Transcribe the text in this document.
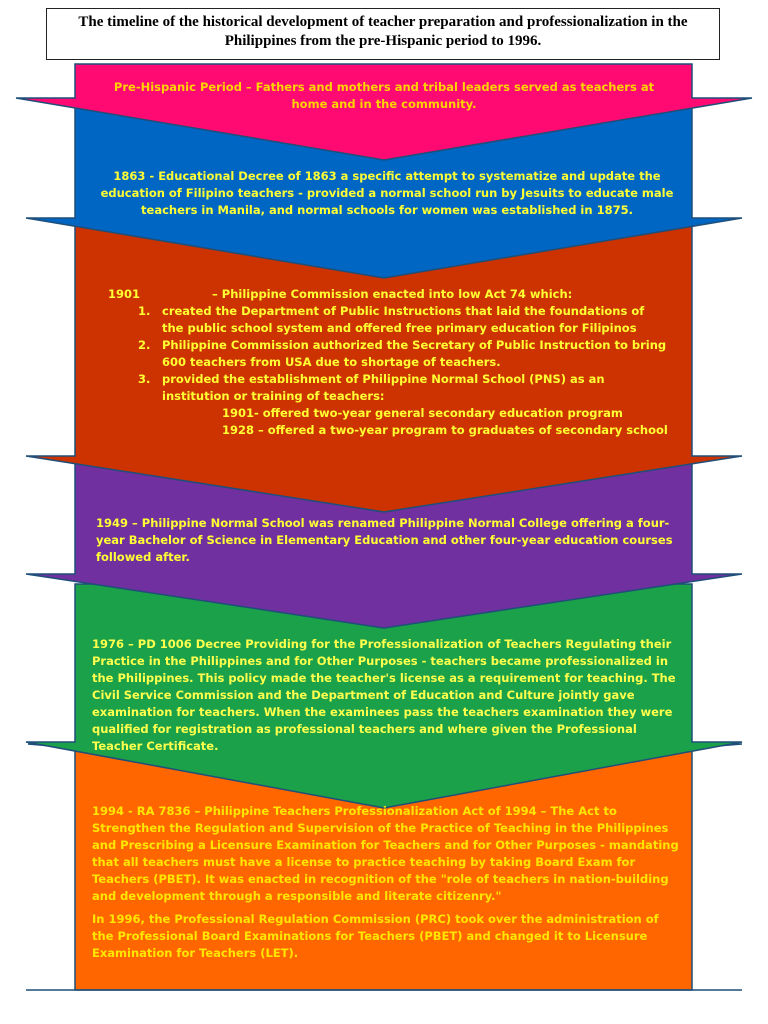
The timeline of the historical development of teacher preparation and professionalization in the Philippines from the pre-Hispanic period to 1996.
Pre-Hispanic Period – Fathers and mothers and tribal leaders served as teachers at home and in the community.
1863 - Educational Decree of 1863 a specific attempt to systematize and update the education of Filipino teachers - provided a normal school run by Jesuits to educate male teachers in Manila, and normal schools for women was established in 1875.
1901	– Philippine Commission enacted into low Act 74 which:
1.	created the Department of Public Instructions that laid the foundations of the public school system and offered free primary education for Filipinos
2.	Philippine Commission authorized the Secretary of Public Instruction to bring 600 teachers from USA due to shortage of teachers.
3.	provided the establishment of Philippine Normal School (PNS) as an institution or training of teachers:
1901- offered two-year general secondary education program
1928 – offered a two-year program to graduates of secondary school
1949 – Philippine Normal School was renamed Philippine Normal College offering a four-year Bachelor of Science in Elementary Education and other four-year education courses followed after.
1976 – PD 1006 Decree Providing for the Professionalization of Teachers Regulating their Practice in the Philippines and for Other Purposes - teachers became professionalized in the Philippines. This policy made the teacher's license as a requirement for teaching. The Civil Service Commission and the Department of Education and Culture jointly gave examination for teachers. When the examinees pass the teachers examination they were qualified for registration as professional teachers and where given the Professional Teacher Certificate.

1994 - RA 7836 – Philippine Teachers Professionalization Act of 1994 – The Act to Strengthen the Regulation and Supervision of the Practice of Teaching in the Philippines and Prescribing a Licensure Examination for Teachers and for Other Purposes - mandating that all teachers must have a license to practice teaching by taking Board Exam for Teachers (PBET). It was enacted in recognition of the "role of teachers in nation-building and development through a responsible and literate citizenry."

In 1996, the Professional Regulation Commission (PRC) took over the administration of the Professional Board Examinations for Teachers (PBET) and changed it to Licensure Examination for Teachers (LET).
